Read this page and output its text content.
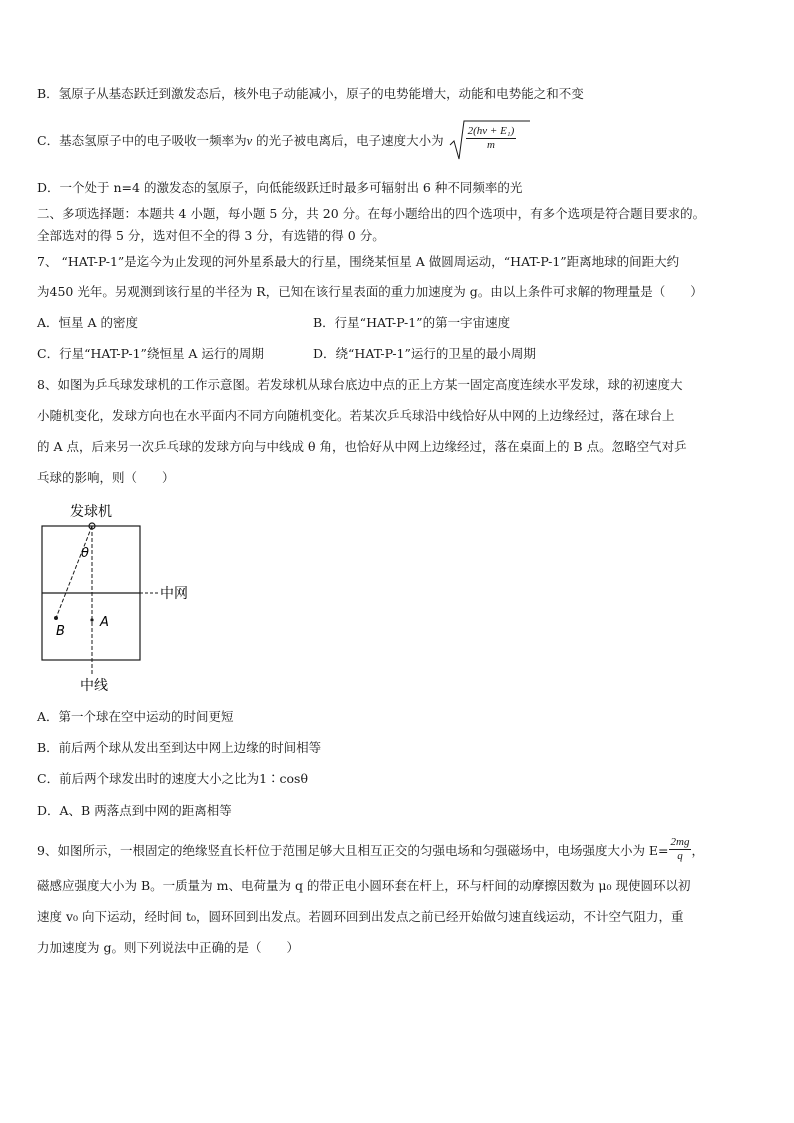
B．氢原子从基态跃迁到激发态后，核外电子动能减小，原子的电势能增大，动能和电势能之和不变
C．基态氢原子中的电子吸收一频率为ν 的光子被电离后，电子速度大小为 $\frac{\text{2(hν + E₁)}}{m}$
D．一个处于 n=4 的激发态的氢原子，向低能级跃迁时最多可辐射出 6 种不同频率的光
二、多项选择题：本题共 4 小题，每小题 5 分，共 20 分。在每小题给出的四个选项中，有多个选项是符合题目要求的。
全部选对的得 5 分，选对但不全的得 3 分，有选错的得 0 分。
7、 “HAT-P-1”是迄今为止发现的河外星系最大的行星，围绕某恒星 A 做圆周运动，“HAT-P-1”距离地球的间距大约
为450 光年。另观测到该行星的半径为 R，已知在该行星表面的重力加速度为 g。由以上条件可求解的物理量是（　　）
A．恒星 A 的密度	B．行星“HAT-P-1”的第一宇宙速度
C．行星“HAT-P-1”绕恒星 A 运行的周期	D．绕“HAT-P-1”运行的卫星的最小周期
8、如图为乒乓球发球机的工作示意图。若发球机从球台底边中点的正上方某一固定高度连续水平发球，球的初速度大
小随机变化，发球方向也在水平面内不同方向随机变化。若某次乒乓球沿中线恰好从中网的上边缘经过，落在球台上
的 A 点，后来另一次乒乓球的发球方向与中线成 θ 角，也恰好从中网上边缘经过，落在桌面上的 B 点。忽略空气对乒
乓球的影响，则（　　）
发球机
θ
中网
B
A
中线
A．第一个球在空中运动的时间更短
B．前后两个球从发出至到达中网上边缘的时间相等
C．前后两个球发出时的速度大小之比为1∶cosθ
D．A、B 两落点到中网的距离相等
9、如图所示，一根固定的绝缘竖直长杆位于范围足够大且相互正交的匀强电场和匀强磁场中，电场强度大小为 $E= \frac{2mg}{q}$ ，
磁感应强度大小为 B。一质量为 m、电荷量为 q 的带正电小圆环套在杆上，环与杆间的动摩擦因数为 μ₀ 现使圆环以初
速度 v₀ 向下运动，经时间 t₀，圆环回到出发点。若圆环回到出发点之前已经开始做匀速直线运动，不计空气阻力，重
力加速度为 g。则下列说法中正确的是（　　）
